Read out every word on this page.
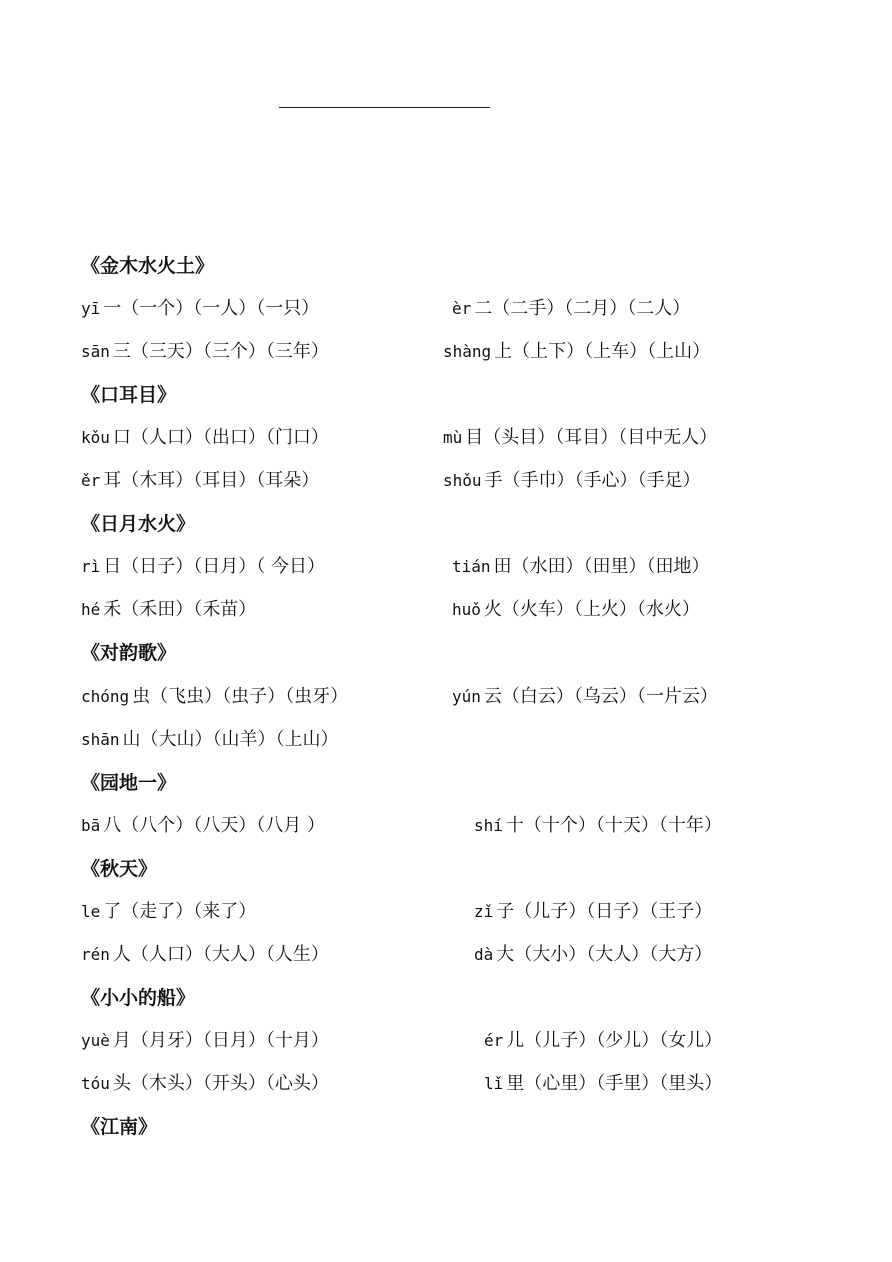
《金木水火土》
yī 一（一个）（一人）（一只）	èr 二（二手）（二月）（二人）
sān 三（三天）（三个）（三年）	shàng 上（上下）（上车）（上山）
《口耳目》
kǒu 口（人口）（出口）（门口）	mù 目（头目）（耳目）（目中无人）
ěr 耳（木耳）（耳目）（耳朵）	shǒu 手（手巾）（手心）（手足）
《日月水火》
rì 日（日子）（日月）（ 今日）	tián 田（水田）（田里）（田地）
hé 禾（禾田）（禾苗）	huǒ 火（火车）（上火）（水火）
《对韵歌》
chóng 虫（飞虫）（虫子）（虫牙）	yún 云（白云）（乌云）（一片云）
shān 山（大山）（山羊）（上山）
《园地一》
bā 八（八个）（八天）（八月 ）	shí 十（十个）（十天）（十年）
《秋天》
le 了（走了）（来了）	zǐ 子（儿子）（日子）（王子）
rén 人（人口）（大人）（人生）	dà 大（大小）（大人）（大方）
《小小的船》
yuè 月（月牙）（日月）（十月）	ér 儿（儿子）（少儿）（女儿）
tóu 头（木头）（开头）（心头）	lǐ 里（心里）（手里）（里头）
《江南》
